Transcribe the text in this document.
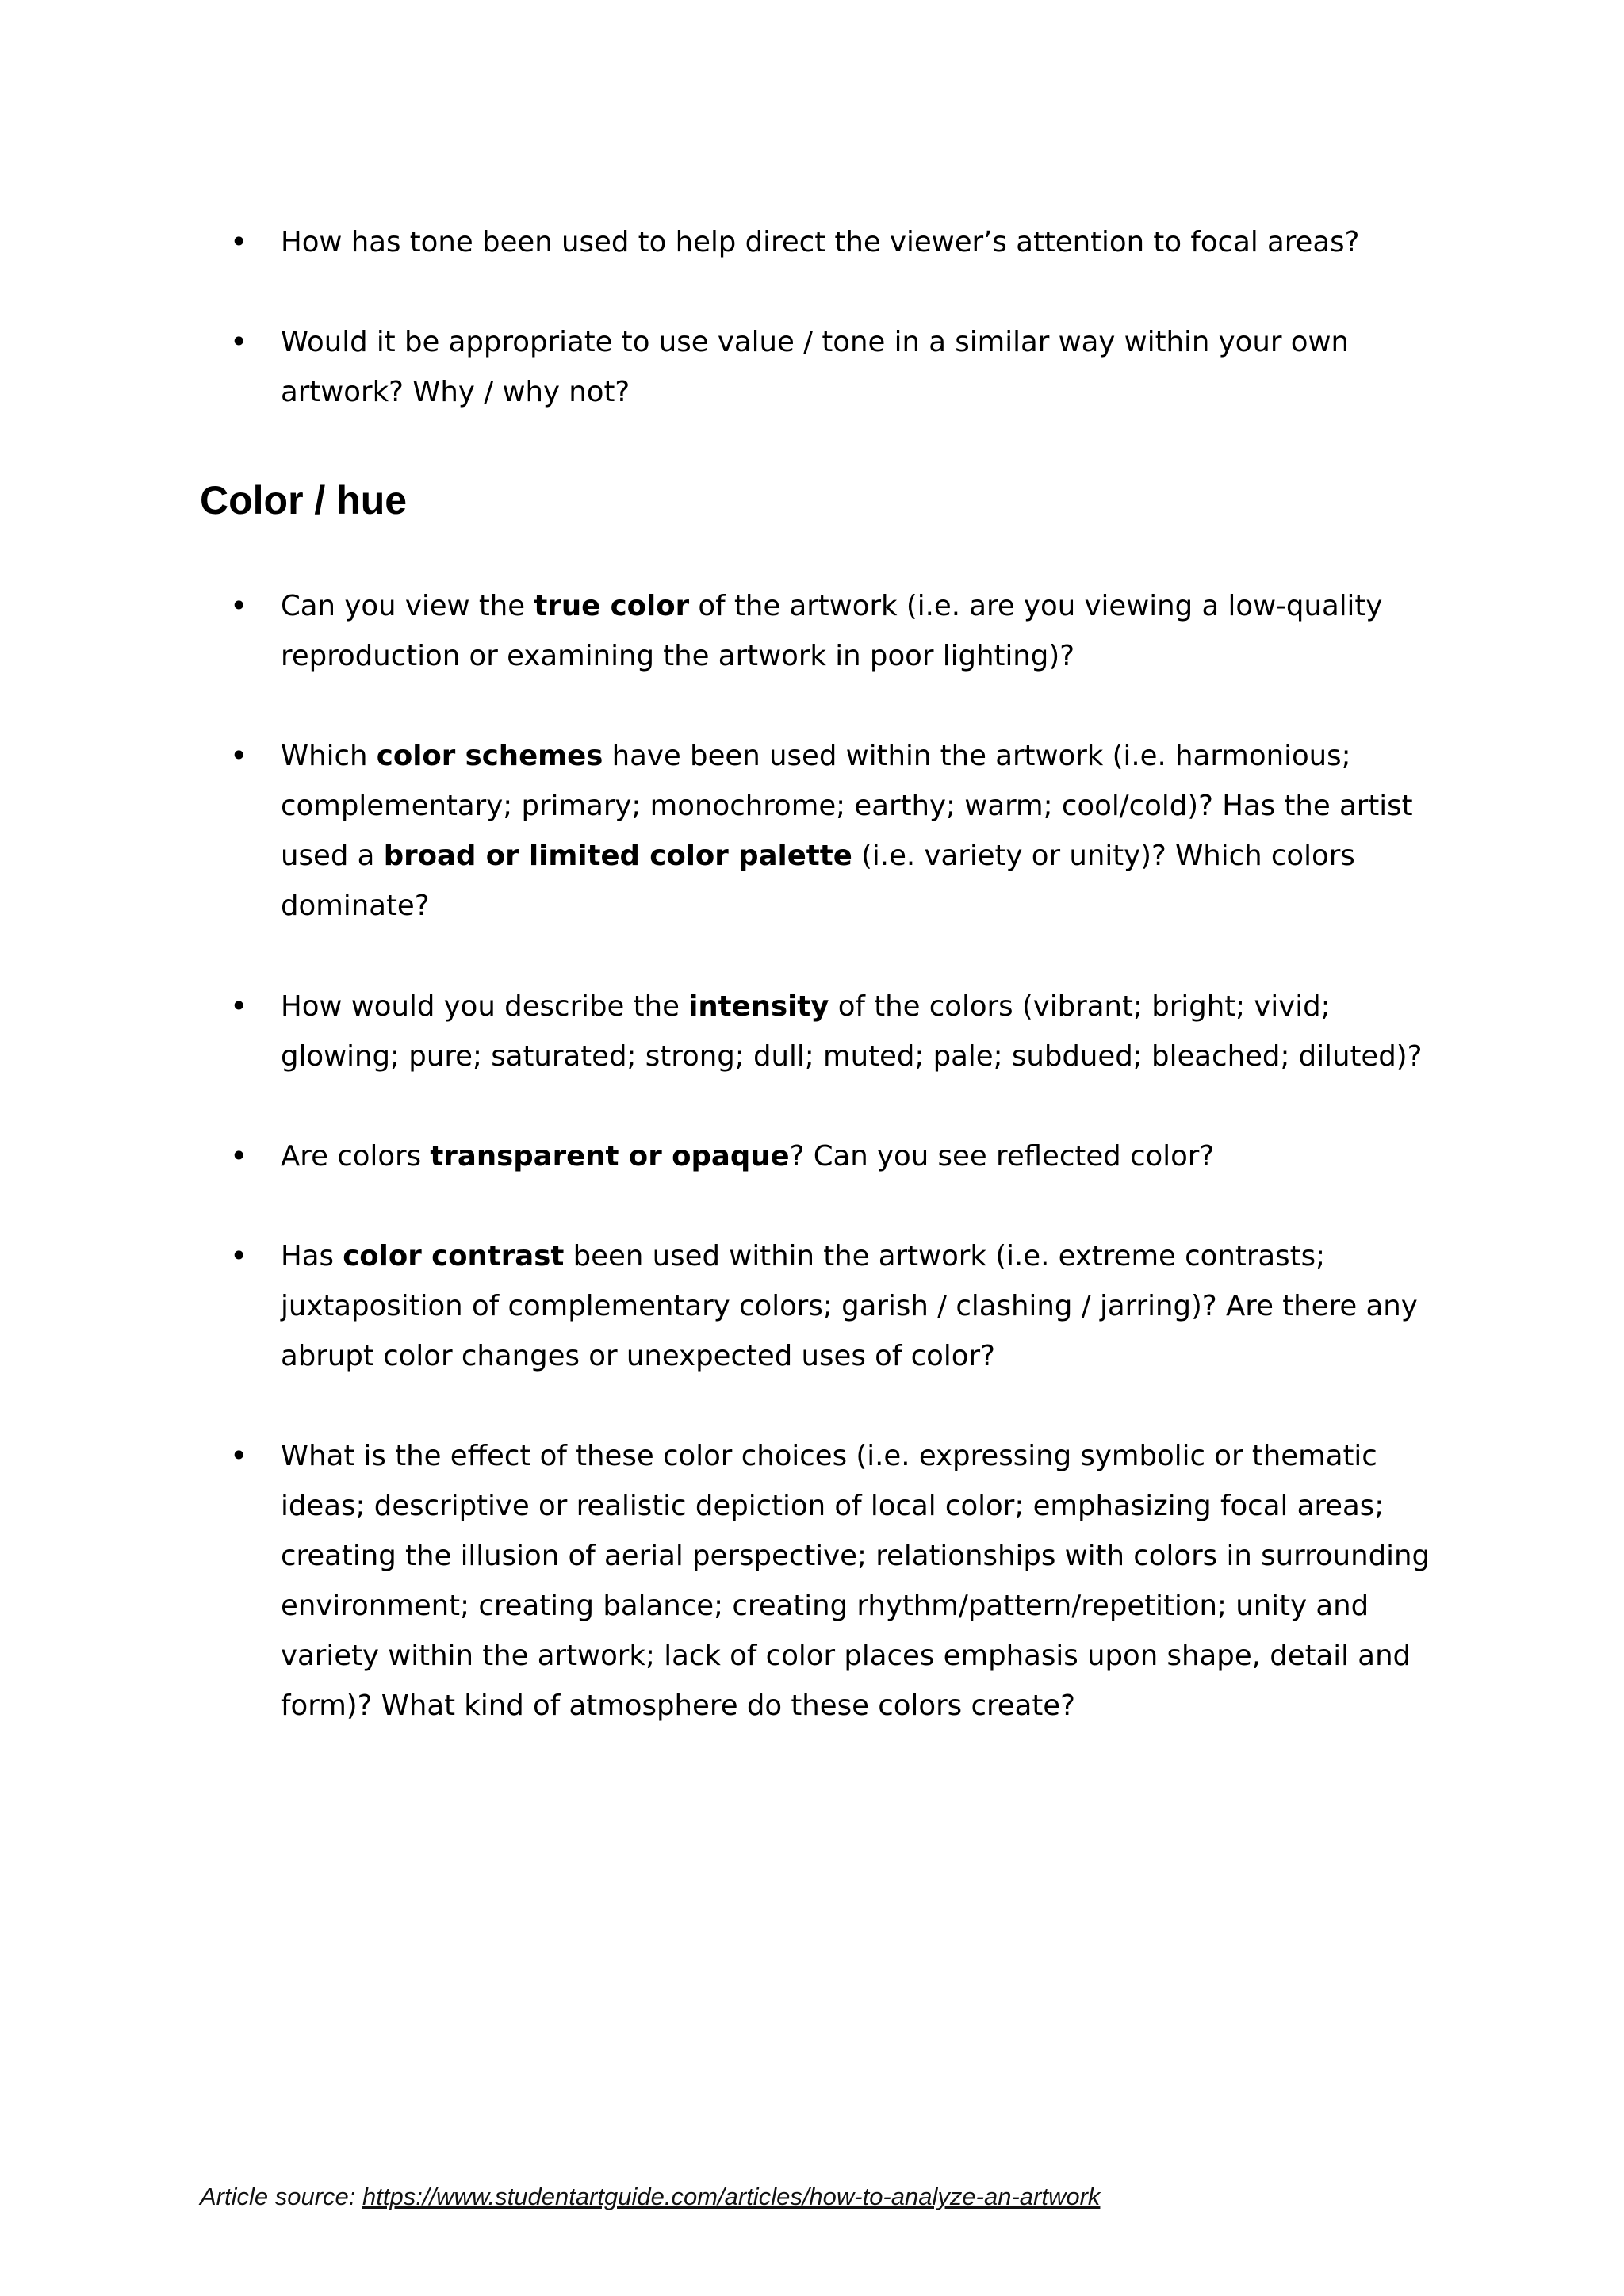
• How has tone been used to help direct the viewer’s attention to focal areas?

• Would it be appropriate to use value / tone in a similar way within your own
artwork? Why / why not?

Color / hue
• Can you view the true color of the artwork (i.e. are you viewing a low-quality
reproduction or examining the artwork in poor lighting)?

• Which color schemes have been used within the artwork (i.e. harmonious;
complementary; primary; monochrome; earthy; warm; cool/cold)? Has the artist
used a broad or limited color palette (i.e. variety or unity)? Which colors
dominate?

• How would you describe the intensity of the colors (vibrant; bright; vivid;
glowing; pure; saturated; strong; dull; muted; pale; subdued; bleached; diluted)?

• Are colors transparent or opaque? Can you see reflected color?

• Has color contrast been used within the artwork (i.e. extreme contrasts;
juxtaposition of complementary colors; garish / clashing / jarring)? Are there any
abrupt color changes or unexpected uses of color?

• What is the effect of these color choices (i.e. expressing symbolic or thematic
ideas; descriptive or realistic depiction of local color; emphasizing focal areas;
creating the illusion of aerial perspective; relationships with colors in surrounding
environment; creating balance; creating rhythm/pattern/repetition; unity and
variety within the artwork; lack of color places emphasis upon shape, detail and
form)? What kind of atmosphere do these colors create?

Article source: https://www.studentartguide.com/articles/how-to-analyze-an-artwork
